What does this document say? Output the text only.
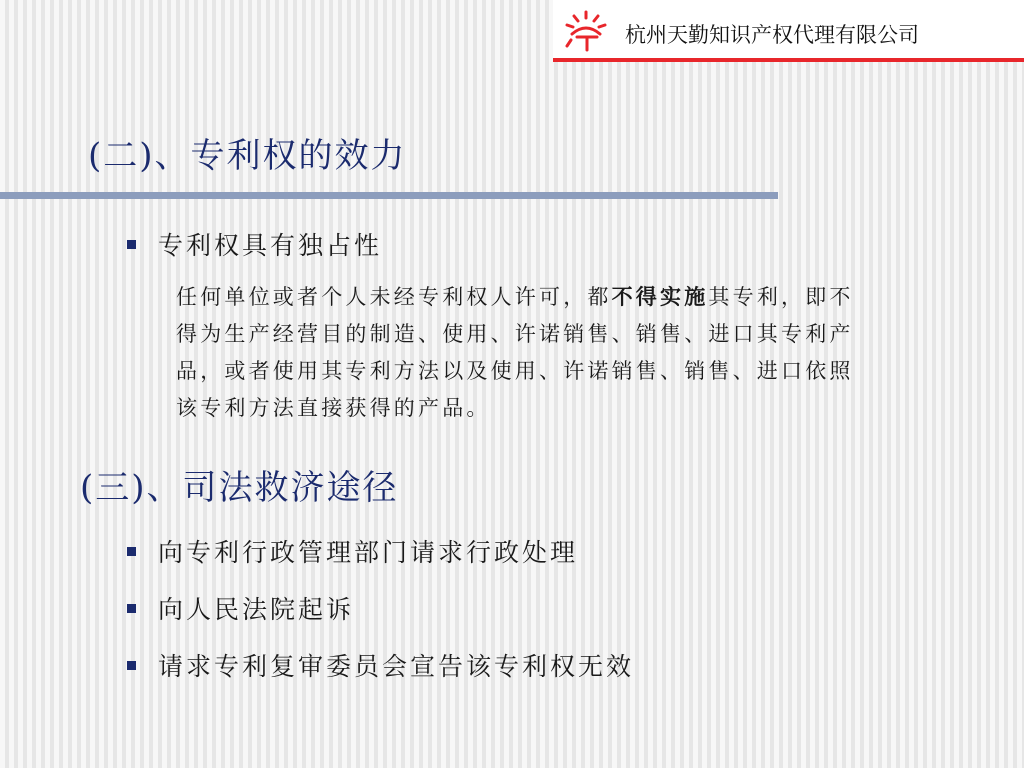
杭州天勤知识产权代理有限公司
(二)、专利权的效力
专利权具有独占性

任何单位或者个人未经专利权人许可，都不得实施其专利，即不

得为生产经营目的制造、使用、许诺销售、销售、进口其专利产

品，或者使用其专利方法以及使用、许诺销售、销售、进口依照

该专利方法直接获得的产品。

(三)、司法救济途径
向专利行政管理部门请求行政处理
向人民法院起诉
请求专利复审委员会宣告该专利权无效
